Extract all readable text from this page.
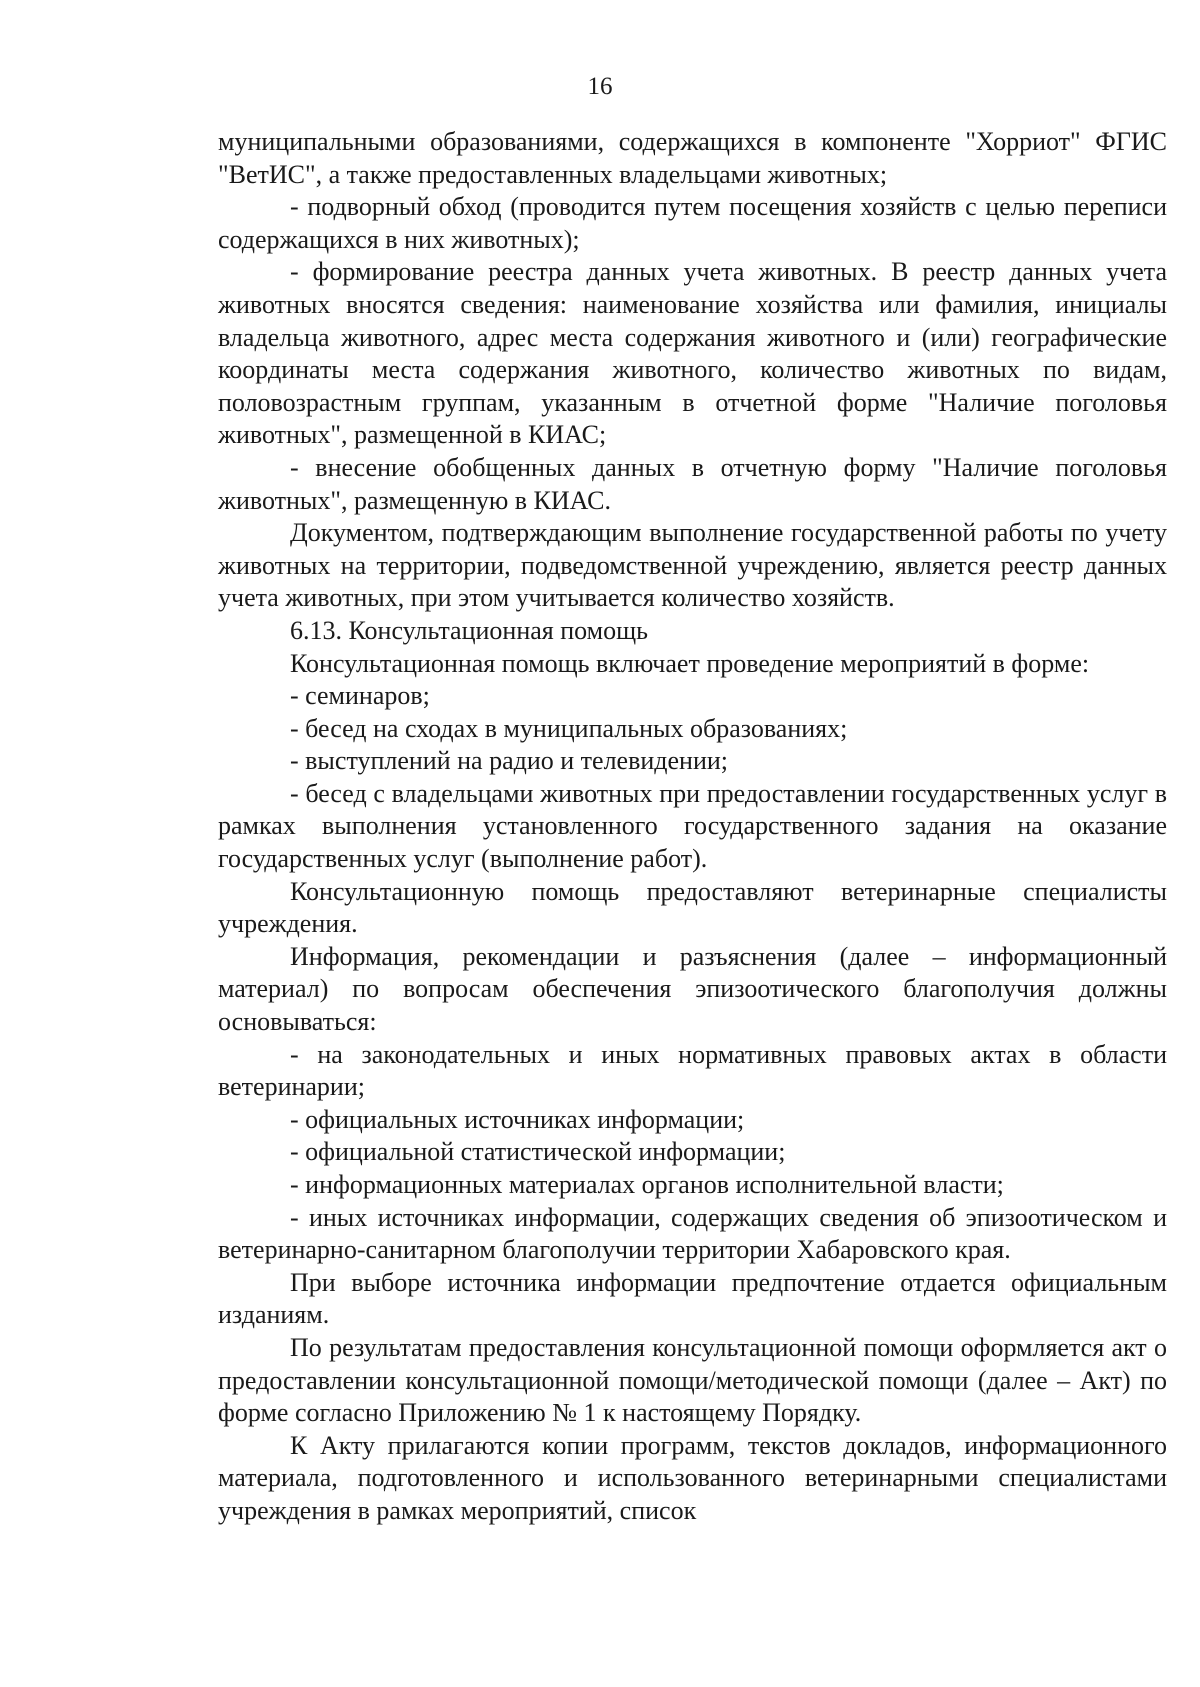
16

муниципальными образованиями, содержащихся в компоненте "Хорриот" ФГИС "ВетИС", а также предоставленных владельцами животных;

- подворный обход (проводится путем посещения хозяйств с целью переписи содержащихся в них животных);

- формирование реестра данных учета животных. В реестр данных учета животных вносятся сведения: наименование хозяйства или фамилия, инициалы владельца животного, адрес места содержания животного и (или) географические координаты места содержания животного, количество животных по видам, половозрастным группам, указанным в отчетной форме "Наличие поголовья животных", размещенной в КИАС;

- внесение обобщенных данных в отчетную форму "Наличие поголовья животных", размещенную в КИАС.

Документом, подтверждающим выполнение государственной работы по учету животных на территории, подведомственной учреждению, является реестр данных учета животных, при этом учитывается количество хозяйств.

6.13. Консультационная помощь

Консультационная помощь включает проведение мероприятий в форме:

- семинаров;

- бесед на сходах в муниципальных образованиях;

- выступлений на радио и телевидении;

- бесед с владельцами животных при предоставлении государственных услуг в рамках выполнения установленного государственного задания на оказание государственных услуг (выполнение работ).

Консультационную помощь предоставляют ветеринарные специалисты учреждения.

Информация, рекомендации и разъяснения (далее – информационный материал) по вопросам обеспечения эпизоотического благополучия должны основываться:

- на законодательных и иных нормативных правовых актах в области ветеринарии;

- официальных источниках информации;

- официальной статистической информации;

- информационных материалах органов исполнительной власти;

- иных источниках информации, содержащих сведения об эпизоотическом и ветеринарно-санитарном благополучии территории Хабаровского края.

При выборе источника информации предпочтение отдается официальным изданиям.

По результатам предоставления консультационной помощи оформляется акт о предоставлении консультационной помощи/методической помощи (далее – Акт) по форме согласно Приложению № 1 к настоящему Порядку.

К Акту прилагаются копии программ, текстов докладов, информационного материала, подготовленного и использованного ветеринарными специалистами учреждения в рамках мероприятий, список
